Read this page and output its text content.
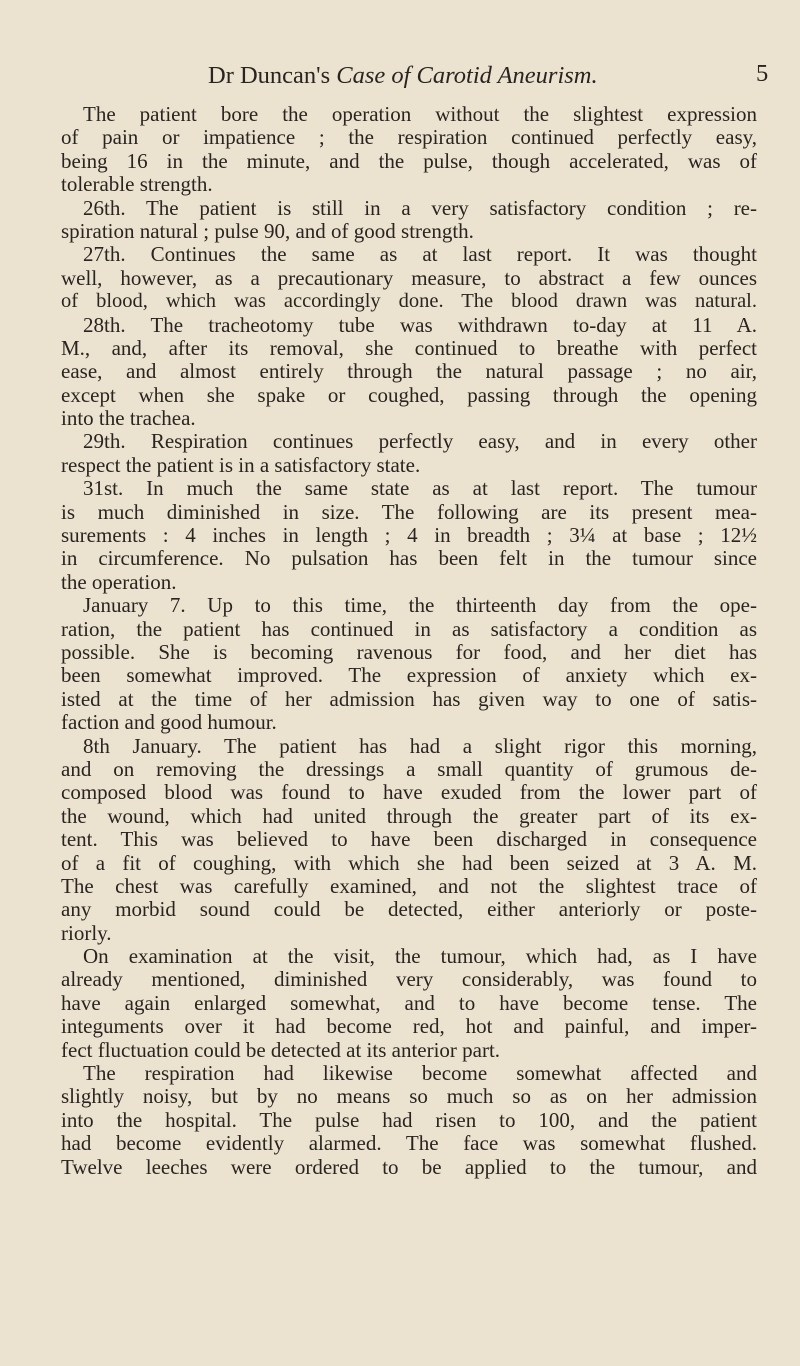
Dr Duncan's Case of Carotid Aneurism.	5
The patient bore the operation without the slightest expression
of pain or impatience ; the respiration continued perfectly easy,
being 16 in the minute, and the pulse, though accelerated, was of
tolerable strength.
26th. The patient is still in a very satisfactory condition ; re-
spiration natural ; pulse 90, and of good strength.
27th. Continues the same as at last report. It was thought
well, however, as a precautionary measure, to abstract a few ounces
of blood, which was accordingly done. The blood drawn was natural.
28th. The tracheotomy tube was withdrawn to-day at 11 A.
M., and, after its removal, she continued to breathe with perfect
ease, and almost entirely through the natural passage ; no air,
except when she spake or coughed, passing through the opening
into the trachea.
29th. Respiration continues perfectly easy, and in every other
respect the patient is in a satisfactory state.
31st. In much the same state as at last report. The tumour
is much diminished in size. The following are its present mea-
surements : 4 inches in length ; 4 in breadth ; 3¼ at base ; 12½
in circumference. No pulsation has been felt in the tumour since
the operation.
January 7. Up to this time, the thirteenth day from the ope-
ration, the patient has continued in as satisfactory a condition as
possible. She is becoming ravenous for food, and her diet has
been somewhat improved. The expression of anxiety which ex-
isted at the time of her admission has given way to one of satis-
faction and good humour.
8th January. The patient has had a slight rigor this morning,
and on removing the dressings a small quantity of grumous de-
composed blood was found to have exuded from the lower part of
the wound, which had united through the greater part of its ex-
tent. This was believed to have been discharged in consequence
of a fit of coughing, with which she had been seized at 3 A. M.
The chest was carefully examined, and not the slightest trace of
any morbid sound could be detected, either anteriorly or poste-
riorly.
On examination at the visit, the tumour, which had, as I have
already mentioned, diminished very considerably, was found to
have again enlarged somewhat, and to have become tense. The
integuments over it had become red, hot and painful, and imper-
fect fluctuation could be detected at its anterior part.
The respiration had likewise become somewhat affected and
slightly noisy, but by no means so much so as on her admission
into the hospital. The pulse had risen to 100, and the patient
had become evidently alarmed. The face was somewhat flushed.
Twelve leeches were ordered to be applied to the tumour, and
